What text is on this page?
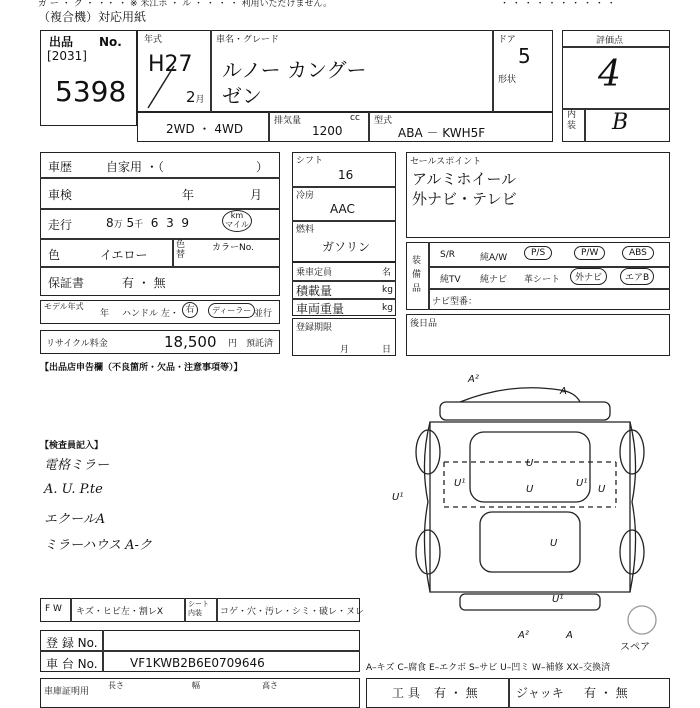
ガ ー ・ ク ・ ・・ ・ ※ 米江ホ ・ ル ・ ・ ・ ・ 利用いただけません。	・ ・ ・ ・ ・ ・ ・ ・ ・ ・
（複合機）対応用紙
出品 No.
[2031]
5398
年式
H27
2月
車名・グレード
ルノー カングー
ゼン
ドア
5
形状
評価点
4
内装 B
2WD ・ 4WD
排気量	cc
1200
型式
ABA － KWH5F
車歴	自家用 ・（	）
車検	年	月
走行	8万 5千 6 3 9
km
マイル
色	イエロー
色替
カラーNo.
保証書	有 ・ 無
モデル年式
年 ハンドル 左・ 右	ディーラー 並行
リサイクル料金	18,500 円 預託済
シフト
16
冷房
AAC
燃料
ガソリン
乗車定員	名
積載量	kg
車両重量	kg
登録期限
月	日
セールスポイント
アルミホイール
外ナビ・テレビ
装備品
S/R	純A/W	P/S	P/W	ABS
純TV 純ナビ 革シート	外ナビ	エアB
ナビ型番：
後日品
【出品店申告欄（不良箇所・欠品・注意事項等）】
【検査員記入】
電格ミラー
A. U. P.te
エクールA
ミラーハウス A-ク
A²
A
U
U
U¹	U¹
U¹
U
U
U¹
A²	A
スペア
F W キズ・ヒビ左・割レX
シート内装	コゲ・穴・汚レ・シミ・破レ・ヌレ
登 録 No.
車 台 No.	VF1KWB2B6E0709646	A–キズ C–腐食 E–エクボ S–サビ U–凹ミ W–補修 XX–交換済
車庫証明用
長さ	幅	高さ
工 具 有 ・ 無	ジャッキ 有 ・ 無
